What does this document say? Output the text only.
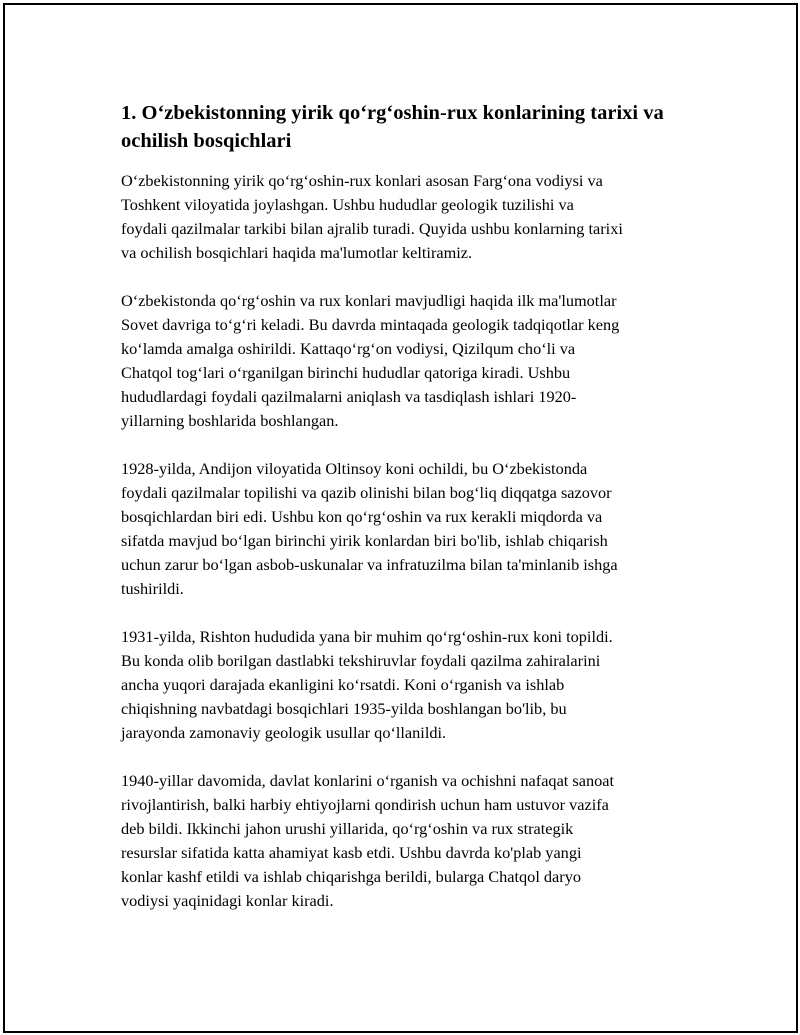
1. O‘zbekistonning yirik qo‘rg‘oshin-rux konlarining tarixi va
ochilish bosqichlari

O‘zbekistonning yirik qo‘rg‘oshin-rux konlari asosan Farg‘ona vodiysi va
Toshkent viloyatida joylashgan. Ushbu hududlar geologik tuzilishi va
foydali qazilmalar tarkibi bilan ajralib turadi. Quyida ushbu konlarning tarixi
va ochilish bosqichlari haqida ma'lumotlar keltiramiz.

O‘zbekistonda qo‘rg‘oshin va rux konlari mavjudligi haqida ilk ma'lumotlar
Sovet davriga to‘g‘ri keladi. Bu davrda mintaqada geologik tadqiqotlar keng
ko‘lamda amalga oshirildi. Kattaqo‘rg‘on vodiysi, Qizilqum cho‘li va
Chatqol tog‘lari o‘rganilgan birinchi hududlar qatoriga kiradi. Ushbu
hududlardagi foydali qazilmalarni aniqlash va tasdiqlash ishlari 1920-
yillarning boshlarida boshlangan.

1928-yilda, Andijon viloyatida Oltinsoy koni ochildi, bu O‘zbekistonda
foydali qazilmalar topilishi va qazib olinishi bilan bog‘liq diqqatga sazovor
bosqichlardan biri edi. Ushbu kon qo‘rg‘oshin va rux kerakli miqdorda va
sifatda mavjud bo‘lgan birinchi yirik konlardan biri bo'lib, ishlab chiqarish
uchun zarur bo‘lgan asbob-uskunalar va infratuzilma bilan ta'minlanib ishga
tushirildi.

1931-yilda, Rishton hududida yana bir muhim qo‘rg‘oshin-rux koni topildi.
Bu konda olib borilgan dastlabki tekshiruvlar foydali qazilma zahiralarini
ancha yuqori darajada ekanligini ko‘rsatdi. Koni o‘rganish va ishlab
chiqishning navbatdagi bosqichlari 1935-yilda boshlangan bo'lib, bu
jarayonda zamonaviy geologik usullar qo‘llanildi.

1940-yillar davomida, davlat konlarini o‘rganish va ochishni nafaqat sanoat
rivojlantirish, balki harbiy ehtiyojlarni qondirish uchun ham ustuvor vazifa
deb bildi. Ikkinchi jahon urushi yillarida, qo‘rg‘oshin va rux strategik
resurslar sifatida katta ahamiyat kasb etdi. Ushbu davrda ko'plab yangi
konlar kashf etildi va ishlab chiqarishga berildi, bularga Chatqol daryo
vodiysi yaqinidagi konlar kiradi.
